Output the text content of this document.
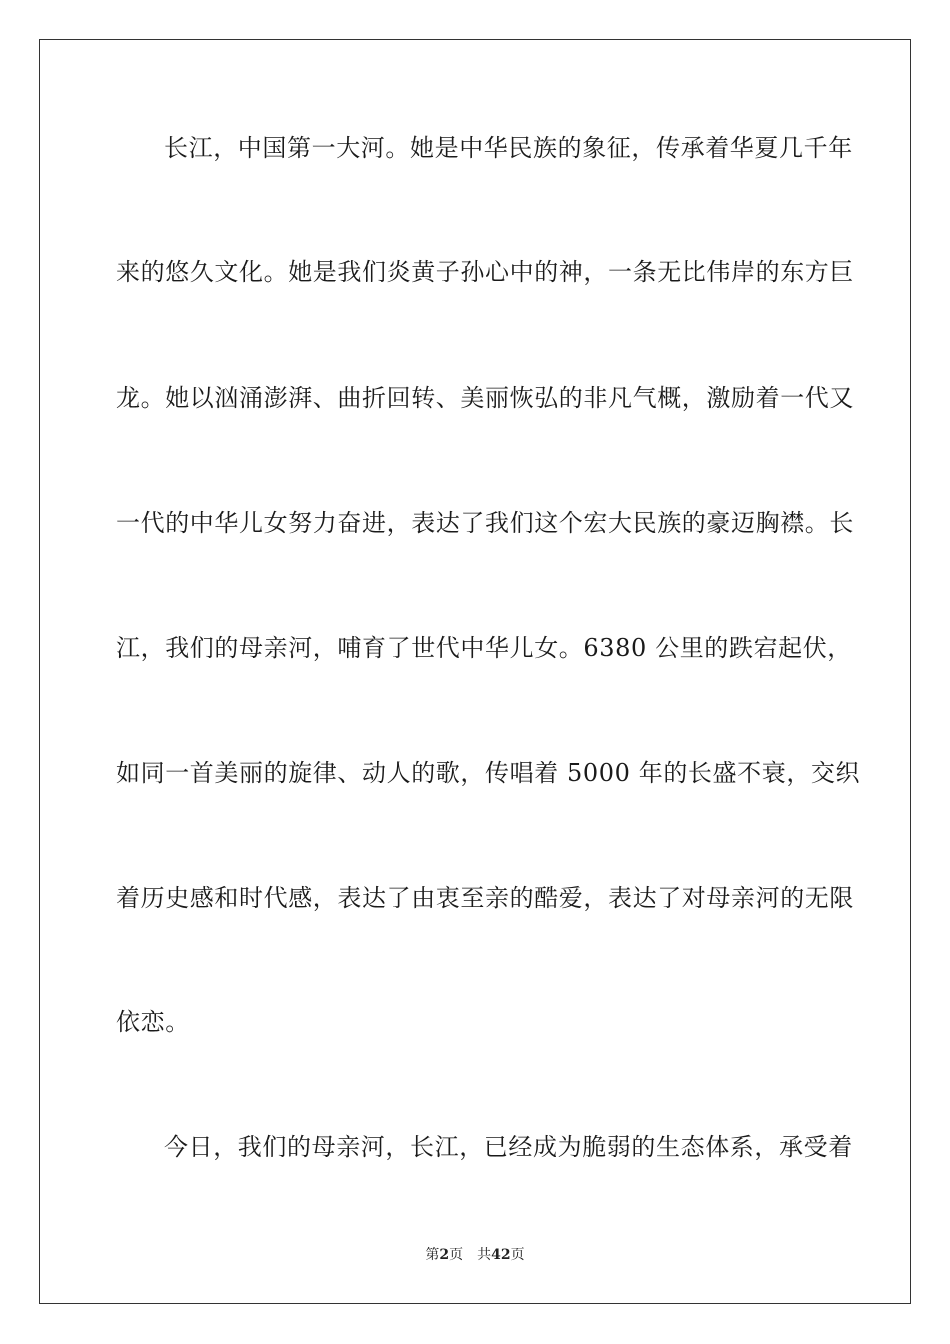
长江，中国第一大河。她是中华民族的象征，传承着华夏几千年
来的悠久文化。她是我们炎黄子孙心中的神，一条无比伟岸的东方巨
龙。她以汹涌澎湃、曲折回转、美丽恢弘的非凡气概，激励着一代又
一代的中华儿女努力奋进，表达了我们这个宏大民族的豪迈胸襟。长
江，我们的母亲河，哺育了世代中华儿女。6380 公里的跌宕起伏，
如同一首美丽的旋律、动人的歌，传唱着 5000 年的长盛不衰，交织
着历史感和时代感，表达了由衷至亲的酷爱，表达了对母亲河的无限
依恋。
今日，我们的母亲河，长江，已经成为脆弱的生态体系，承受着
第2页 共42页
